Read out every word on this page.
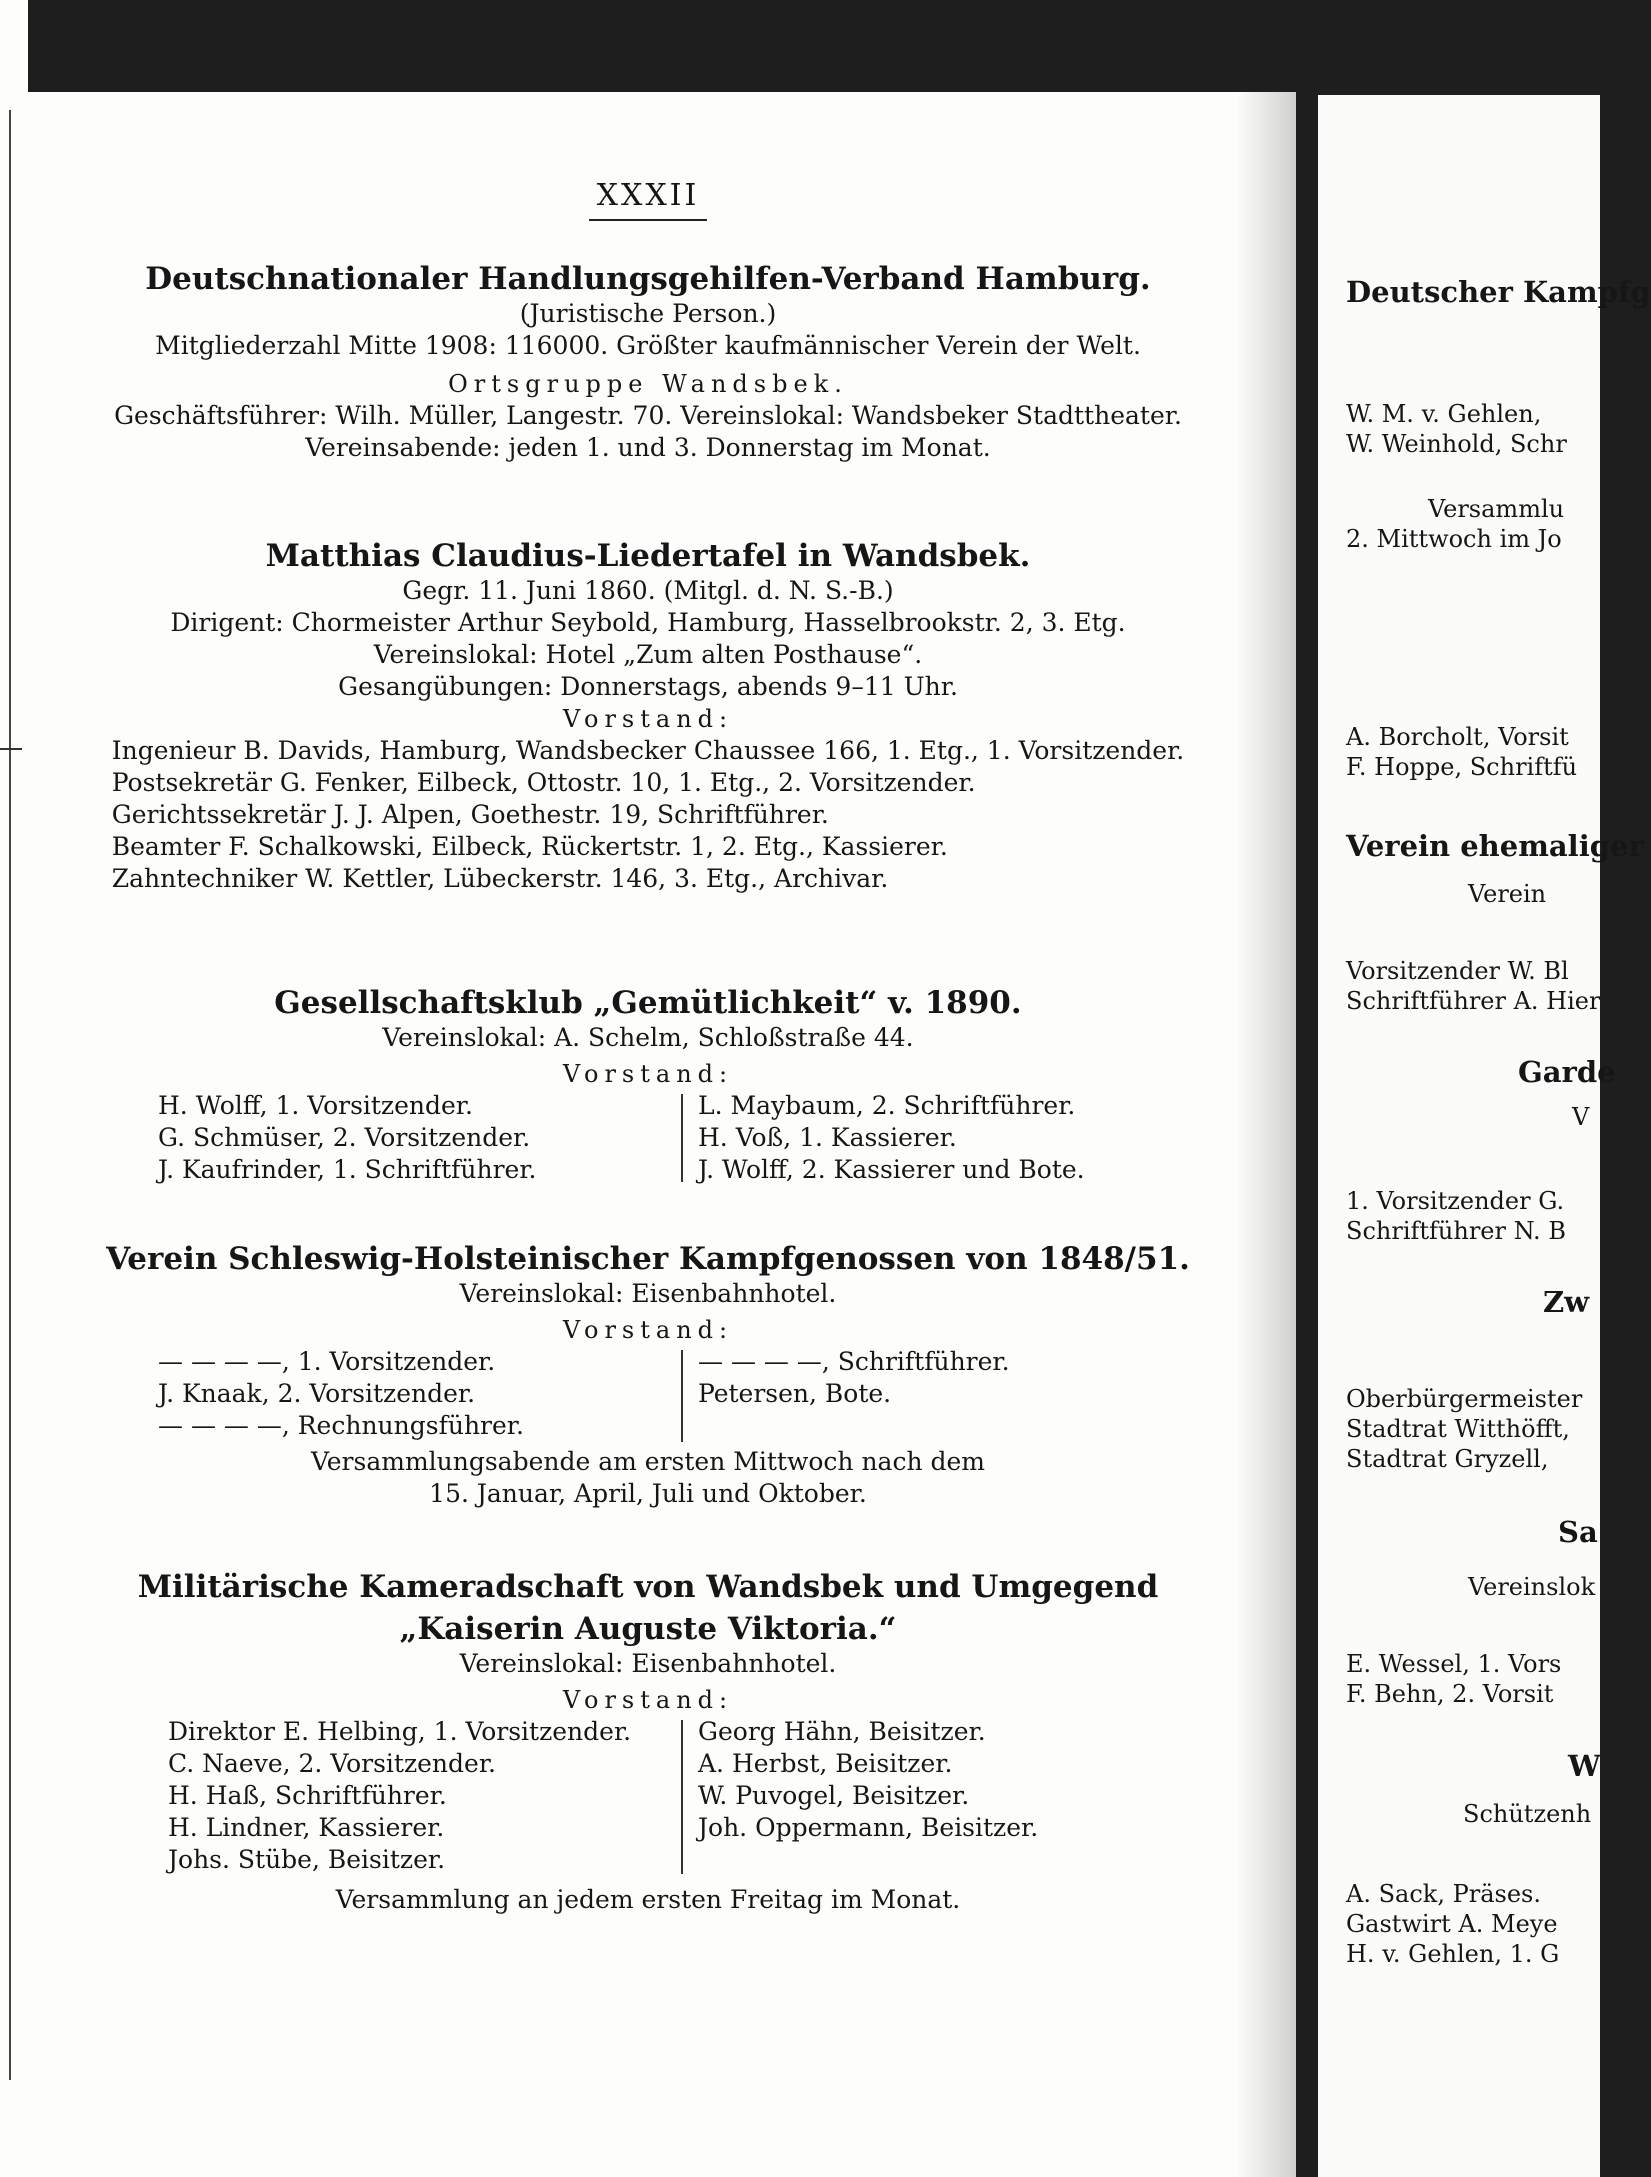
XXXII
Deutschnationaler Handlungsgehilfen-Verband Hamburg.
(Juristische Person.)
Mitgliederzahl Mitte 1908: 116000. Größter kaufmännischer Verein der Welt.
Ortsgruppe Wandsbek.
Geschäftsführer: Wilh. Müller, Langestr. 70. Vereinslokal: Wandsbeker Stadttheater.
Vereinsabende: jeden 1. und 3. Donnerstag im Monat.
Matthias Claudius-Liedertafel in Wandsbek.
Gegr. 11. Juni 1860. (Mitgl. d. N. S.-B.)
Dirigent: Chormeister Arthur Seybold, Hamburg, Hasselbrookstr. 2, 3. Etg.
Vereinslokal: Hotel „Zum alten Posthause“.
Gesangübungen: Donnerstags, abends 9–11 Uhr.
Vorstand:
Ingenieur B. Davids, Hamburg, Wandsbecker Chaussee 166, 1. Etg., 1. Vorsitzender.
Postsekretär G. Fenker, Eilbeck, Ottostr. 10, 1. Etg., 2. Vorsitzender.
Gerichtssekretär J. J. Alpen, Goethestr. 19, Schriftführer.
Beamter F. Schalkowski, Eilbeck, Rückertstr. 1, 2. Etg., Kassierer.
Zahntechniker W. Kettler, Lübeckerstr. 146, 3. Etg., Archivar.
Gesellschaftsklub „Gemütlichkeit“ v. 1890.
Vereinslokal: A. Schelm, Schloßstraße 44.
Vorstand:
H. Wolff, 1. Vorsitzender.
G. Schmüser, 2. Vorsitzender.
J. Kaufrinder, 1. Schriftführer.
L. Maybaum, 2. Schriftführer.
H. Voß, 1. Kassierer.
J. Wolff, 2. Kassierer und Bote.
Verein Schleswig-Holsteinischer Kampfgenossen von 1848/51.
Vereinslokal: Eisenbahnhotel.
Vorstand:
— — — —, 1. Vorsitzender.
J. Knaak, 2. Vorsitzender.
— — — —, Rechnungsführer.
— — — —, Schriftführer.
Petersen, Bote.
Versammlungsabende am ersten Mittwoch nach dem
15. Januar, April, Juli und Oktober.
Militärische Kameradschaft von Wandsbek und Umgegend
„Kaiserin Auguste Viktoria.“
Vereinslokal: Eisenbahnhotel.
Vorstand:
Direktor E. Helbing, 1. Vorsitzender.
C. Naeve, 2. Vorsitzender.
H. Haß, Schriftführer.
H. Lindner, Kassierer.
Johs. Stübe, Beisitzer.
Georg Hähn, Beisitzer.
A. Herbst, Beisitzer.
W. Puvogel, Beisitzer.
Joh. Oppermann, Beisitzer.
Versammlung an jedem ersten Freitag im Monat.
Deutscher Kampfg
W. M. v. Gehlen,
W. Weinhold, Schr
Versammlu
2. Mittwoch im Jo
A. Borcholt, Vorsit
F. Hoppe, Schriftfü
Verein ehemaliger
Verein
Vorsitzender W. Bl
Schriftführer A. Hier
Garde
V
1. Vorsitzender G.
Schriftführer N. B
Zw
Oberbürgermeister
Stadtrat Witthöfft,
Stadtrat Gryzell,
Sa
Vereinslok
E. Wessel, 1. Vors
F. Behn, 2. Vorsit
W
Schützenh
A. Sack, Präses.
Gastwirt A. Meye
H. v. Gehlen, 1. G
